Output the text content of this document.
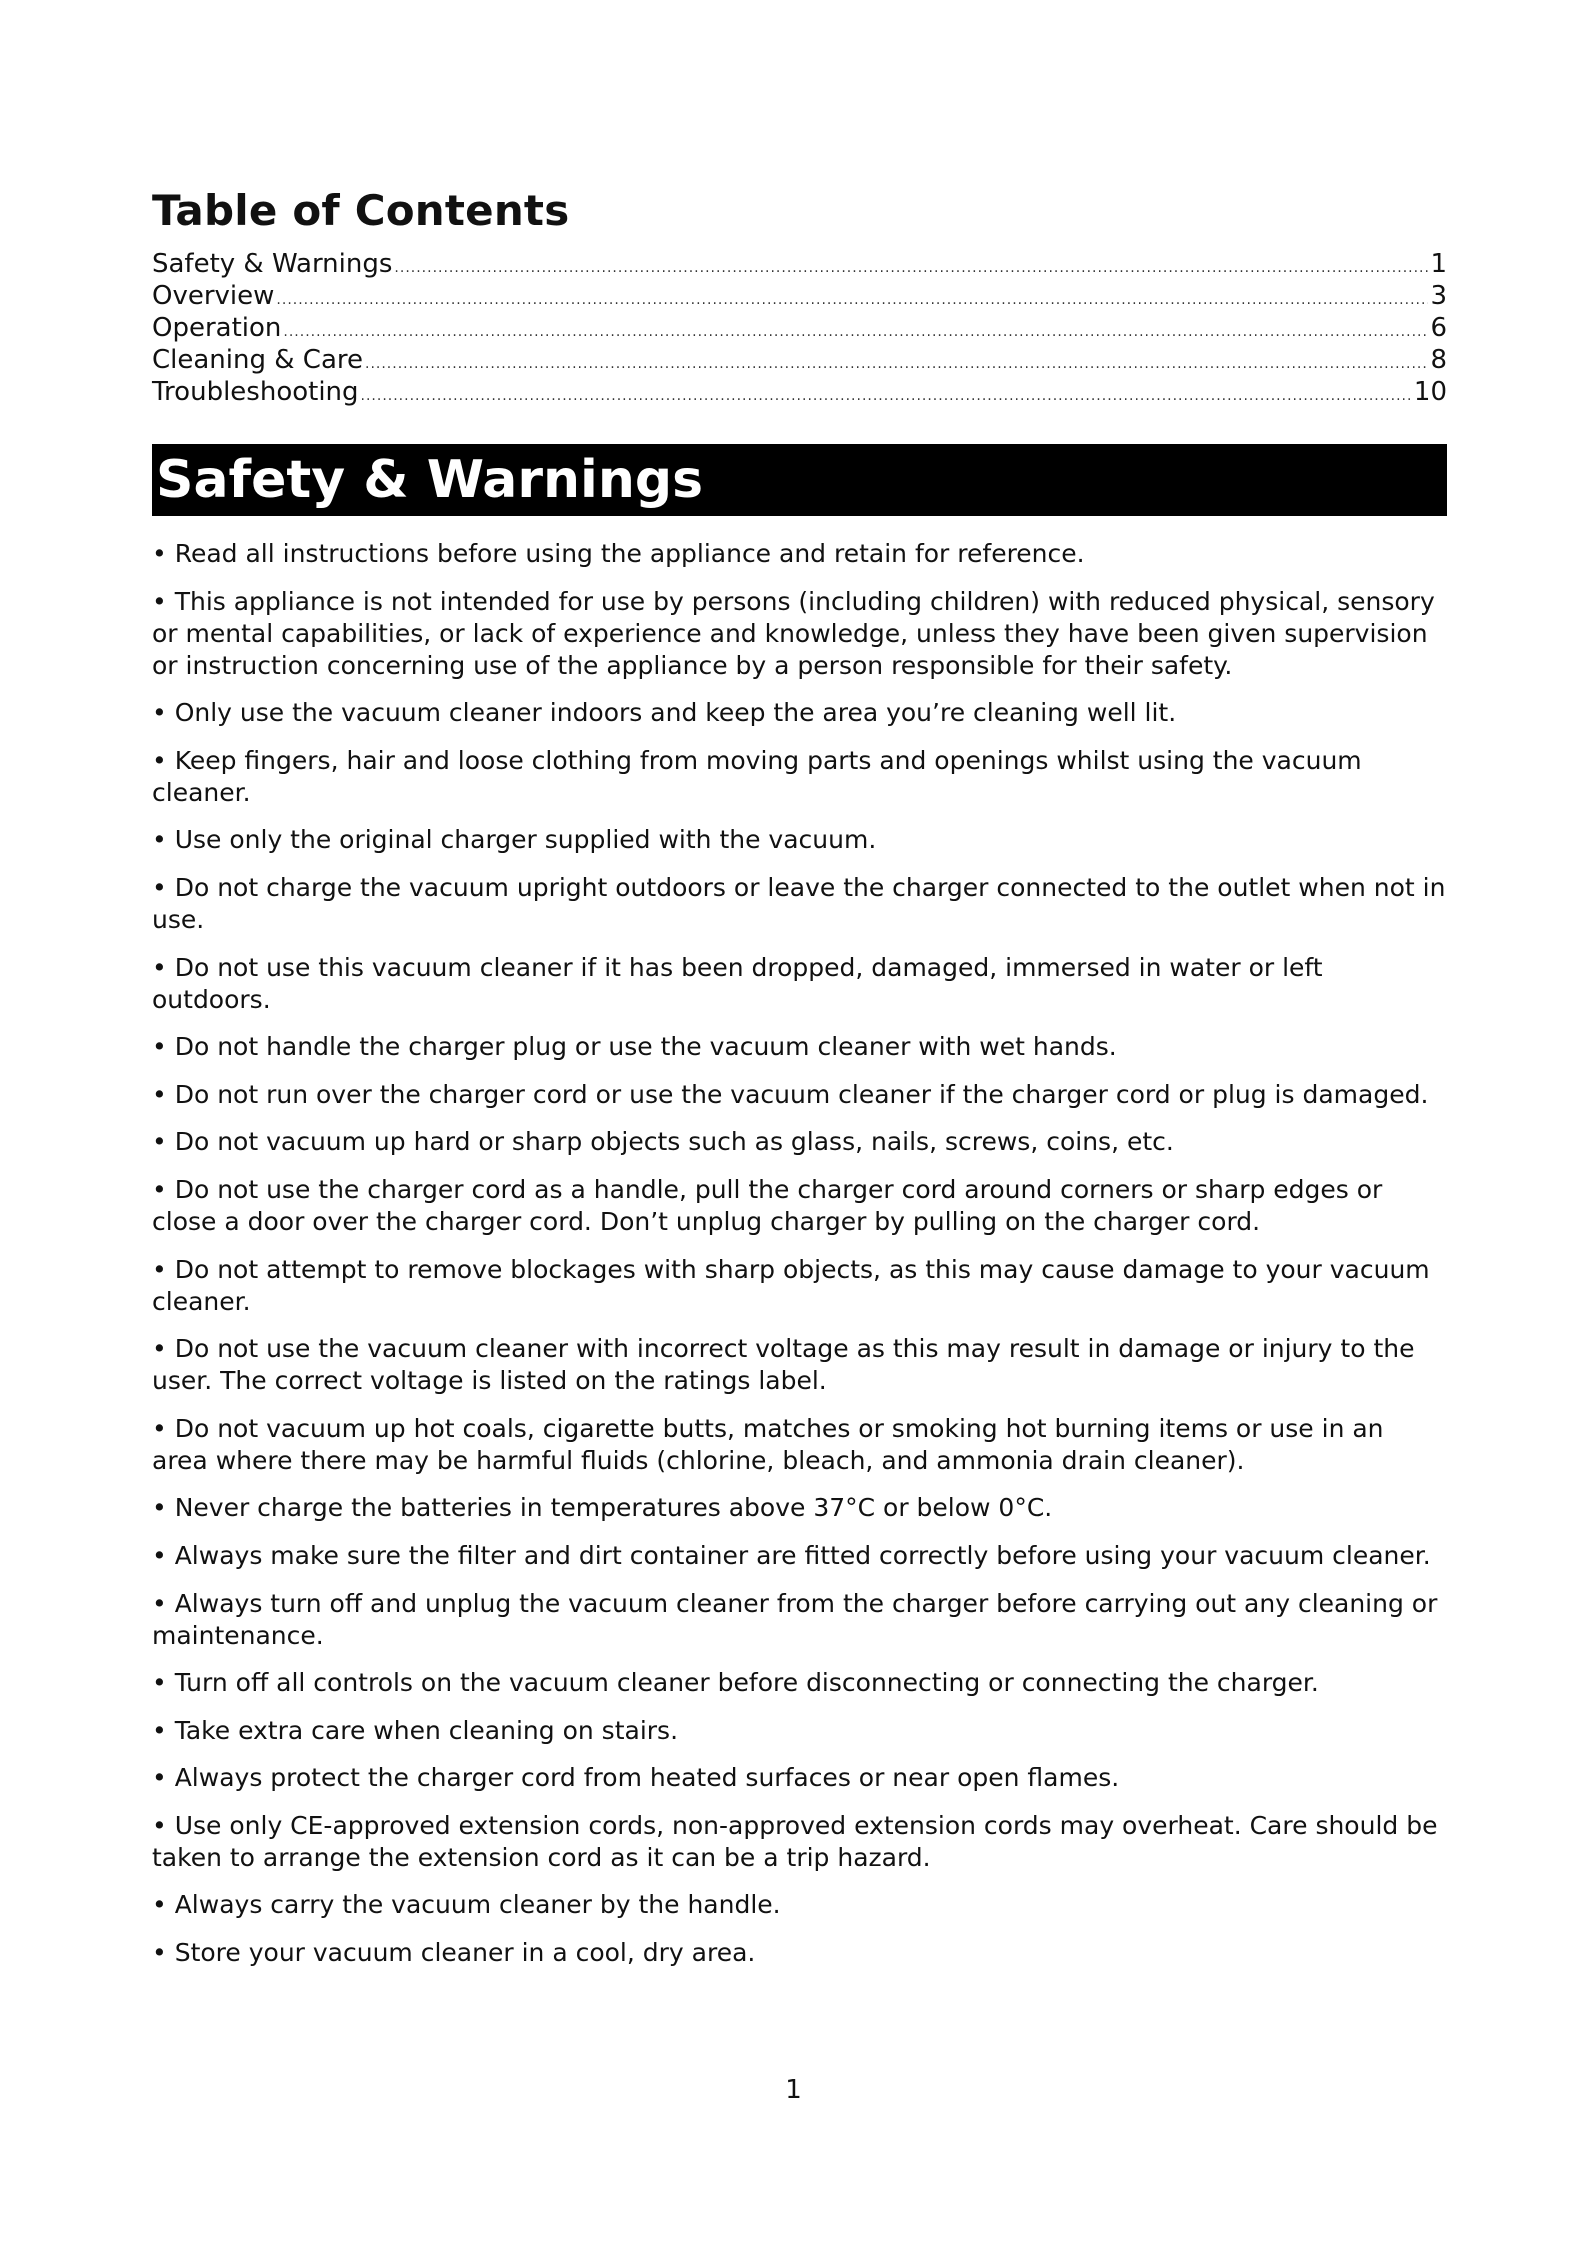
Table of Contents
Safety & Warnings .....	1
Overview .....	3
Operation .....	6
Cleaning & Care .....	8
Troubleshooting .....	10
Safety & Warnings
• Read all instructions before using the appliance and retain for reference.
• This appliance is not intended for use by persons (including children) with reduced physical, sensory or mental capabilities, or lack of experience and knowledge, unless they have been given supervision or instruction concerning use of the appliance by a person responsible for their safety.
• Only use the vacuum cleaner indoors and keep the area you’re cleaning well lit.
• Keep fingers, hair and loose clothing from moving parts and openings whilst using the vacuum cleaner.
• Use only the original charger supplied with the vacuum.
• Do not charge the vacuum upright outdoors or leave the charger connected to the outlet when not in use.
• Do not use this vacuum cleaner if it has been dropped, damaged, immersed in water or left outdoors.
• Do not handle the charger plug or use the vacuum cleaner with wet hands.
• Do not run over the charger cord or use the vacuum cleaner if the charger cord or plug is damaged.
• Do not vacuum up hard or sharp objects such as glass, nails, screws, coins, etc.
• Do not use the charger cord as a handle, pull the charger cord around corners or sharp edges or close a door over the charger cord. Don’t unplug charger by pulling on the charger cord.
• Do not attempt to remove blockages with sharp objects, as this may cause damage to your vacuum cleaner.
• Do not use the vacuum cleaner with incorrect voltage as this may result in damage or injury to the user. The correct voltage is listed on the ratings label.
• Do not vacuum up hot coals, cigarette butts, matches or smoking hot burning items or use in an area where there may be harmful fluids (chlorine, bleach, and ammonia drain cleaner).
• Never charge the batteries in temperatures above 37°C or below 0°C.
• Always make sure the filter and dirt container are fitted correctly before using your vacuum cleaner.
• Always turn off and unplug the vacuum cleaner from the charger before carrying out any cleaning or maintenance.
• Turn off all controls on the vacuum cleaner before disconnecting or connecting the charger.
• Take extra care when cleaning on stairs.
• Always protect the charger cord from heated surfaces or near open flames.
• Use only CE-approved extension cords, non-approved extension cords may overheat. Care should be taken to arrange the extension cord as it can be a trip hazard.
• Always carry the vacuum cleaner by the handle.
• Store your vacuum cleaner in a cool, dry area.
1
